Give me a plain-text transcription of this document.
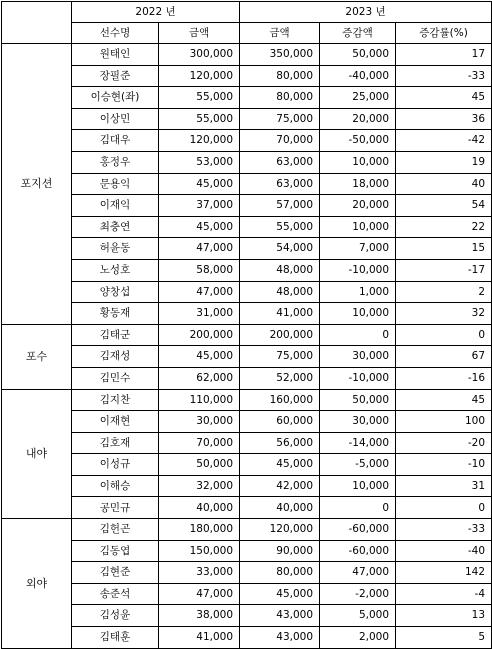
	2022 년		2023 년		
	선수명	금액	금액	증감액	증감률(%)
포지션	원태인	300,000	350,000	50,000	17
	장필준	120,000	80,000	-40,000	-33
	이승현(좌)	55,000	80,000	25,000	45
	이상민	55,000	75,000	20,000	36
	김대우	120,000	70,000	-50,000	-42
	홍정우	53,000	63,000	10,000	19
	문용익	45,000	63,000	18,000	40
	이재익	37,000	57,000	20,000	54
	최충연	45,000	55,000	10,000	22
	허윤동	47,000	54,000	7,000	15
	노성호	58,000	48,000	-10,000	-17
	양창섭	47,000	48,000	1,000	2
	황동재	31,000	41,000	10,000	32
포수	김태군	200,000	200,000	0	0
	김재성	45,000	75,000	30,000	67
	김민수	62,000	52,000	-10,000	-16
내야	김지찬	110,000	160,000	50,000	45
	이재현	30,000	60,000	30,000	100
	김호재	70,000	56,000	-14,000	-20
	이성규	50,000	45,000	-5,000	-10
	이해승	32,000	42,000	10,000	31
	공민규	40,000	40,000	0	0
외야	김헌곤	180,000	120,000	-60,000	-33
	김동엽	150,000	90,000	-60,000	-40
	김현준	33,000	80,000	47,000	142
	송준석	47,000	45,000	-2,000	-4
	김성윤	38,000	43,000	5,000	13
	김태훈	41,000	43,000	2,000	5
